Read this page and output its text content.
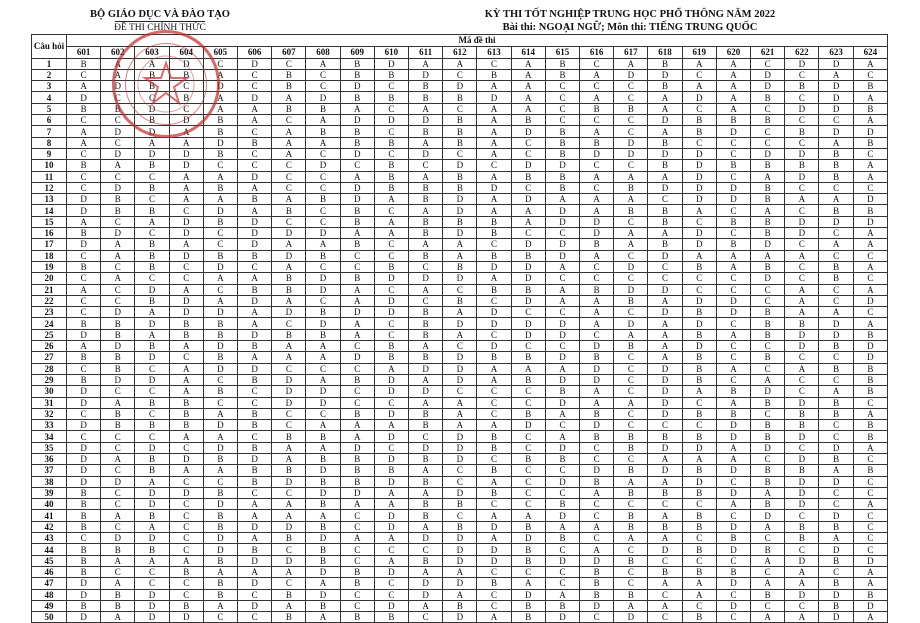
BỘ GIÁO DỤC VÀ ĐÀO TẠO
ĐỀ THI CHÍNH THỨC
KỲ THI TỐT NGHIỆP TRUNG HỌC PHỔ THÔNG NĂM 2022
Bài thi: NGOẠI NGỮ; Môn thi: TIẾNG TRUNG QUỐC
Câu hỏi	Mã đề thi																							
	601	602	603	604	605	606	607	608	609	610	611	612	613	614	615	616	617	618	619	620	621	622	623	624
1	B	A	A	D	C	D	C	A	B	D	A	A	C	A	B	C	A	B	A	A	C	D	D	A
2	C	A	B	B	A	C	B	C	B	B	D	C	B	A	B	A	D	D	C	A	D	C	A	C
3	A	D	B	C	D	C	B	C	D	C	B	D	A	A	C	C	C	B	A	A	D	B	D	B
4	D	C	C	B	A	D	A	D	B	B	B	B	D	A	C	A	C	A	D	A	B	C	D	A
5	B	B	D	C	A	A	B	B	A	C	A	C	A	A	C	B	B	A	C	A	C	D	D	B
6	C	C	B	D	B	A	C	A	D	D	D	B	A	B	C	C	C	D	B	B	B	C	C	A
7	A	D	D	A	B	C	A	B	B	C	B	B	A	D	B	A	C	A	B	D	C	B	D	D
8	A	C	A	A	D	B	A	A	B	B	A	B	A	C	B	B	D	B	C	C	C	C	A	B
9	C	D	D	D	B	C	A	C	D	C	D	C	A	C	B	D	D	D	D	C	D	D	B	C
10	B	A	B	D	C	C	C	D	C	B	C	D	C	D	D	C	C	B	D	B	B	B	B	A
11	C	C	C	A	A	D	C	C	A	B	A	B	A	B	B	A	A	A	D	C	A	D	B	A
12	C	D	B	A	B	A	C	C	D	B	B	B	D	C	B	C	B	D	D	D	B	C	C	C
13	D	B	C	A	A	B	A	B	D	A	B	D	A	D	A	A	A	C	D	D	B	A	A	D
14	D	B	B	C	D	A	B	C	B	C	A	D	A	A	D	A	B	B	A	C	A	C	B	B
15	A	C	A	D	B	D	C	C	B	A	B	B	B	A	D	D	C	B	C	B	B	D	D	D
16	B	D	C	D	C	D	D	D	A	A	B	D	B	C	C	D	A	A	D	C	B	D	C	A
17	D	A	B	A	C	D	A	A	B	C	A	A	C	D	D	B	A	B	D	B	D	C	A	A
18	C	A	B	D	B	B	D	B	C	C	B	A	B	B	D	A	C	D	A	A	A	A	C	C
19	B	C	B	C	D	C	A	C	C	B	C	B	D	D	A	C	D	C	B	A	B	C	B	A
20	C	A	C	C	A	A	B	D	B	D	D	D	A	D	C	C	C	C	C	C	D	C	B	C
21	A	C	D	A	C	B	B	D	A	C	A	C	B	B	A	B	D	D	C	C	C	A	C	A
22	C	C	B	D	A	D	A	C	A	D	C	B	C	D	A	A	B	A	D	D	C	A	C	D
23	C	D	A	D	D	A	D	B	D	D	B	A	D	C	C	A	C	D	B	D	B	A	A	C
24	B	B	D	B	B	A	C	D	A	C	B	D	D	D	D	A	D	A	D	C	B	B	D	A
25	D	B	A	B	B	D	B	B	A	C	B	A	C	D	D	C	A	A	B	A	B	D	D	B
26	A	D	B	A	D	B	A	A	C	B	A	C	D	C	C	D	B	A	D	C	C	D	B	D
27	B	B	D	C	B	A	A	A	D	B	B	D	B	B	D	B	C	A	B	C	B	C	C	D
28	C	B	C	A	D	D	C	C	C	A	D	D	A	A	A	D	C	D	B	A	C	A	B	B
29	B	D	D	A	C	B	D	A	B	D	A	D	A	B	D	D	C	D	B	C	A	C	C	B
30	D	C	C	A	B	C	D	D	C	D	D	C	C	C	B	A	C	D	A	B	D	C	A	B
31	D	A	B	B	C	C	D	D	C	C	A	A	C	C	D	A	A	D	C	A	B	D	B	C
32	C	B	C	B	A	B	C	C	B	D	B	A	C	B	A	B	C	D	B	B	C	B	B	A
33	D	B	B	B	D	B	C	A	A	A	B	A	A	D	C	D	C	C	C	D	B	B	C	B
34	C	C	C	A	A	C	B	B	A	D	C	D	B	C	A	B	B	B	B	D	B	D	C	B
35	D	C	D	C	D	B	A	A	D	C	D	D	B	C	D	C	B	D	D	A	D	C	D	A
36	D	A	B	D	B	D	A	B	B	D	B	D	C	B	B	C	C	A	A	A	C	D	B	C
37	D	C	B	A	A	B	B	D	B	B	A	C	B	C	C	D	B	D	B	D	B	B	A	B
38	D	D	A	C	C	B	D	B	B	D	B	C	A	C	D	B	A	A	D	C	B	D	D	C
39	B	C	D	D	B	C	C	D	D	A	A	D	B	C	C	A	B	B	B	D	A	D	C	C
40	B	C	D	C	D	A	A	B	A	A	B	B	C	C	B	C	C	C	C	A	B	D	C	A
41	B	A	B	C	B	A	A	A	C	D	B	C	A	A	D	C	B	A	B	C	D	C	D	C
42	B	C	A	C	B	D	D	B	C	D	A	B	D	B	A	A	B	B	B	D	A	B	B	C
43	C	D	D	C	D	A	B	D	A	A	D	D	A	D	B	C	A	A	C	B	C	B	A	C
44	B	B	B	C	D	B	C	B	C	C	C	D	D	B	C	A	C	D	B	D	B	C	D	C
45	B	A	A	A	B	D	D	B	C	A	B	D	D	B	D	D	B	C	C	C	A	D	B	D
46	B	C	C	B	A	A	A	D	B	D	A	A	C	C	C	B	C	B	B	B	C	A	C	A
47	D	A	C	C	B	D	C	A	B	C	D	D	B	A	C	B	C	A	A	D	A	A	B	A
48	D	B	D	C	B	C	B	D	C	C	D	A	C	D	A	B	B	C	A	C	B	D	D	B
49	B	B	D	B	A	D	A	B	C	D	A	B	C	B	B	D	A	A	C	D	C	C	B	D
50	D	A	D	D	C	C	B	A	B	B	C	D	A	B	D	C	D	C	B	C	A	A	D	A
